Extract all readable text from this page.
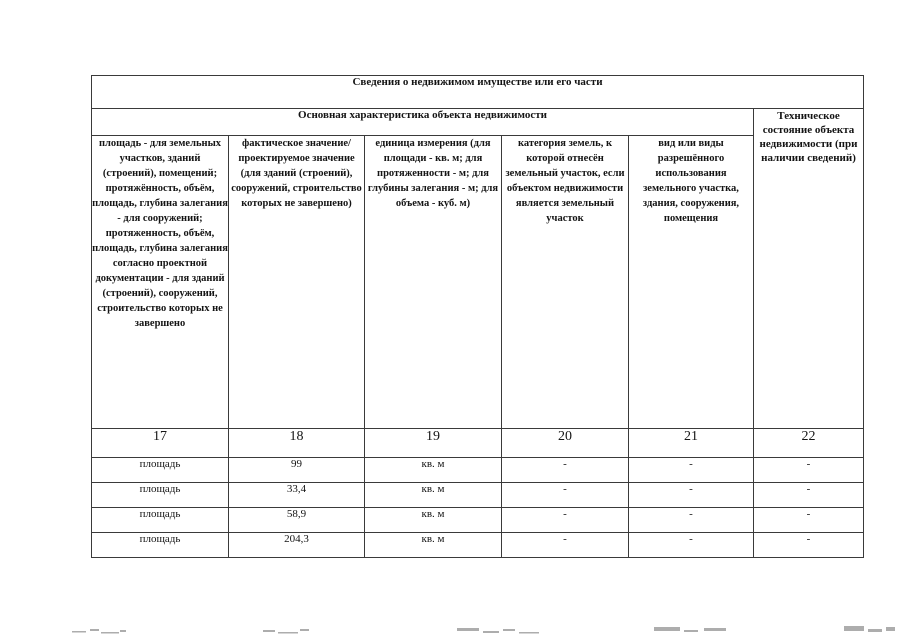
Сведения о недвижимом имуществе или его части					
Основная характеристика объекта недвижимости					Техническое состояние объекта недвижимости (при наличии сведений)
площадь - для земельных участков, зданий (строений), помещений; протяжённость, объём, площадь, глубина залегания - для сооружений; протяженность, объём, площадь, глубина залегания согласно проектной документации - для зданий (строений), сооружений, строительство которых не завершено	фактическое значение/проектируемое значение (для зданий (строений), сооружений, строительство которых не завершено)	единица измерения (для площади - кв. м; для протяженности - м; для глубины залегания - м; для объема - куб. м)	категория земель, к которой отнесён земельный участок, если объектом недвижимости является земельный участок	вид или виды разрешённого использования земельного участка, здания, сооружения, помещения	
17	18	19	20	21	22
площадь	99	кв. м	-	-	-
площадь	33,4	кв. м	-	-	-
площадь	58,9	кв. м	-	-	-
площадь	204,3	кв. м	-	-	-
